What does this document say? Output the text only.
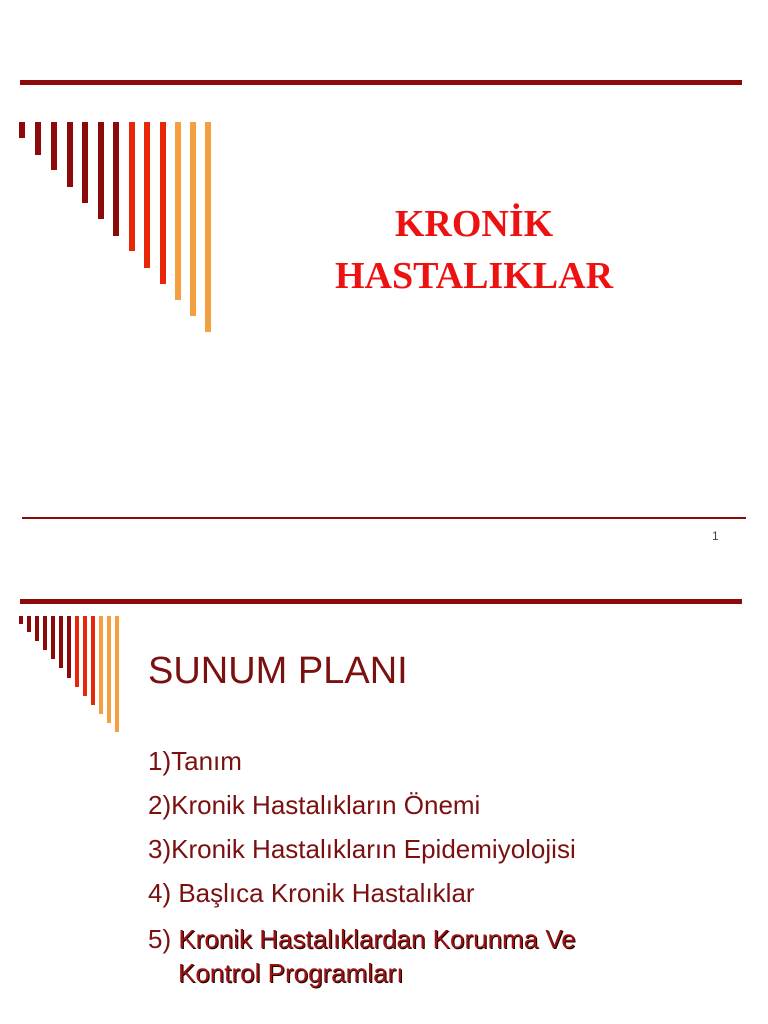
KRONİK
HASTALIKLAR
1
SUNUM PLANI
1)Tanım
2)Kronik Hastalıkların Önemi
3)Kronik Hastalıkların Epidemiyolojisi
4) Başlıca Kronik Hastalıklar
5) Kronik Hastalıklardan Korunma Ve
Kontrol Programları
